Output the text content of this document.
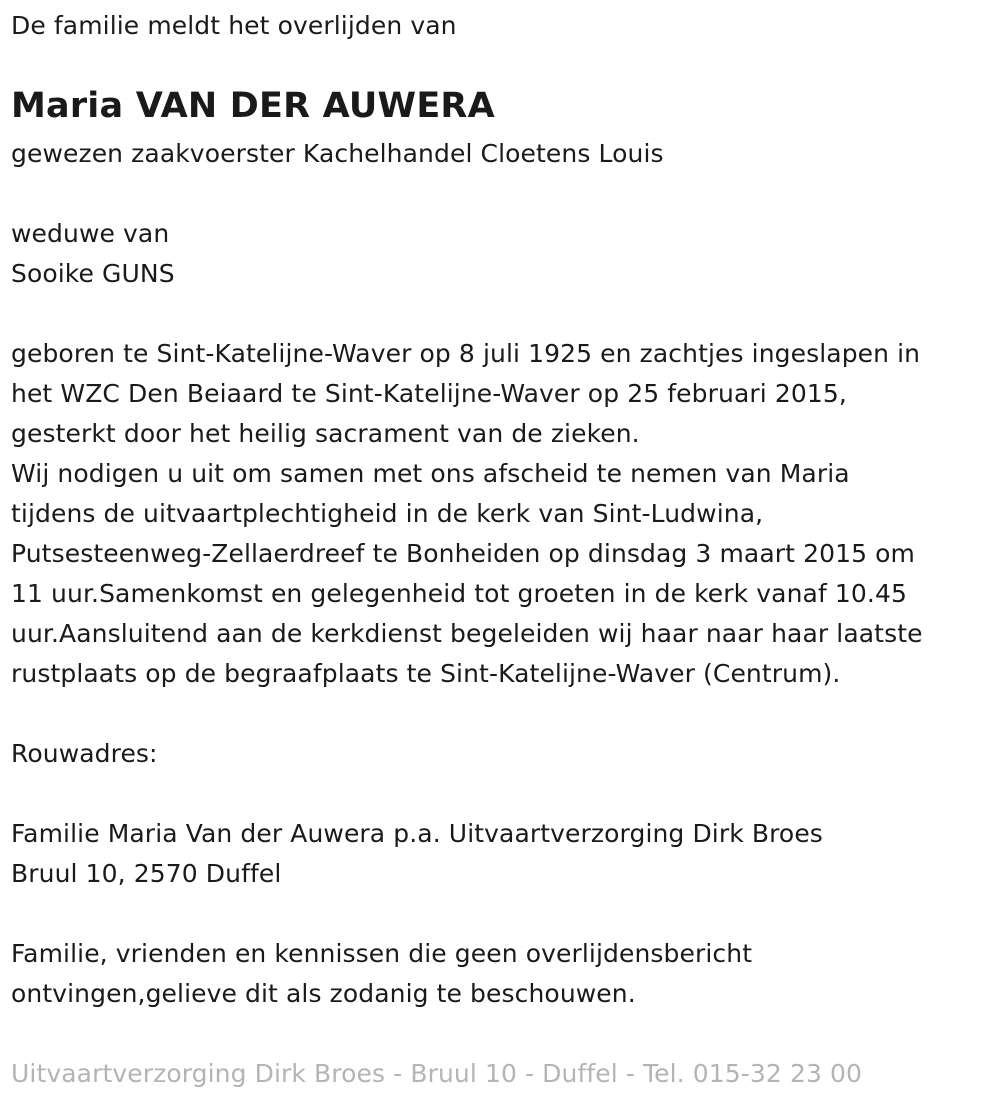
De familie meldt het overlijden van
Maria VAN DER AUWERA
gewezen zaakvoerster Kachelhandel Cloetens Louis
weduwe van
Sooike GUNS
geboren te Sint-Katelijne-Waver op 8 juli 1925 en zachtjes ingeslapen in
het WZC Den Beiaard te Sint-Katelijne-Waver op 25 februari 2015,
gesterkt door het heilig sacrament van de zieken.
Wij nodigen u uit om samen met ons afscheid te nemen van Maria
tijdens de uitvaartplechtigheid in de kerk van Sint-Ludwina,
Putsesteenweg-Zellaerdreef te Bonheiden op dinsdag 3 maart 2015 om
11 uur.Samenkomst en gelegenheid tot groeten in de kerk vanaf 10.45
uur.Aansluitend aan de kerkdienst begeleiden wij haar naar haar laatste
rustplaats op de begraafplaats te Sint-Katelijne-Waver (Centrum).
Rouwadres:
Familie Maria Van der Auwera p.a. Uitvaartverzorging Dirk Broes
Bruul 10, 2570 Duffel
Familie, vrienden en kennissen die geen overlijdensbericht
ontvingen,gelieve dit als zodanig te beschouwen.
Uitvaartverzorging Dirk Broes - Bruul 10 - Duffel - Tel. 015-32 23 00
